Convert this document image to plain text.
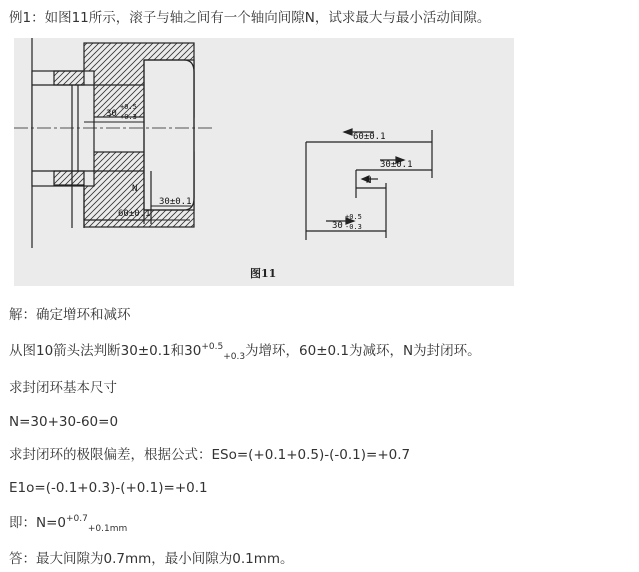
例1：如图11所示，滚子与轴之间有一个轴向间隙N，试求最大与最小活动间隙。
30
+0.5
+0.3
N
30±0.1
60±0.1
60±0.1
30±0.1
N
30
+0.5
-0.3
图11
解：确定增环和减环
从图10箭头法判断30±0.1和$30^{+0.5}_{+0.3}$为增环，60±0.1为减环，N为封闭环。
求封闭环基本尺寸
N=30+30-60=0
求封闭环的极限偏差，根据公式：ESo=(+0.1+0.5)-(-0.1)=+0.7
E1o=(-0.1+0.3)-(+0.1)=+0.1
即：$N=0^{+0.7}_{+0.1mm}$
答：最大间隙为0.7mm，最小间隙为0.1mm。
